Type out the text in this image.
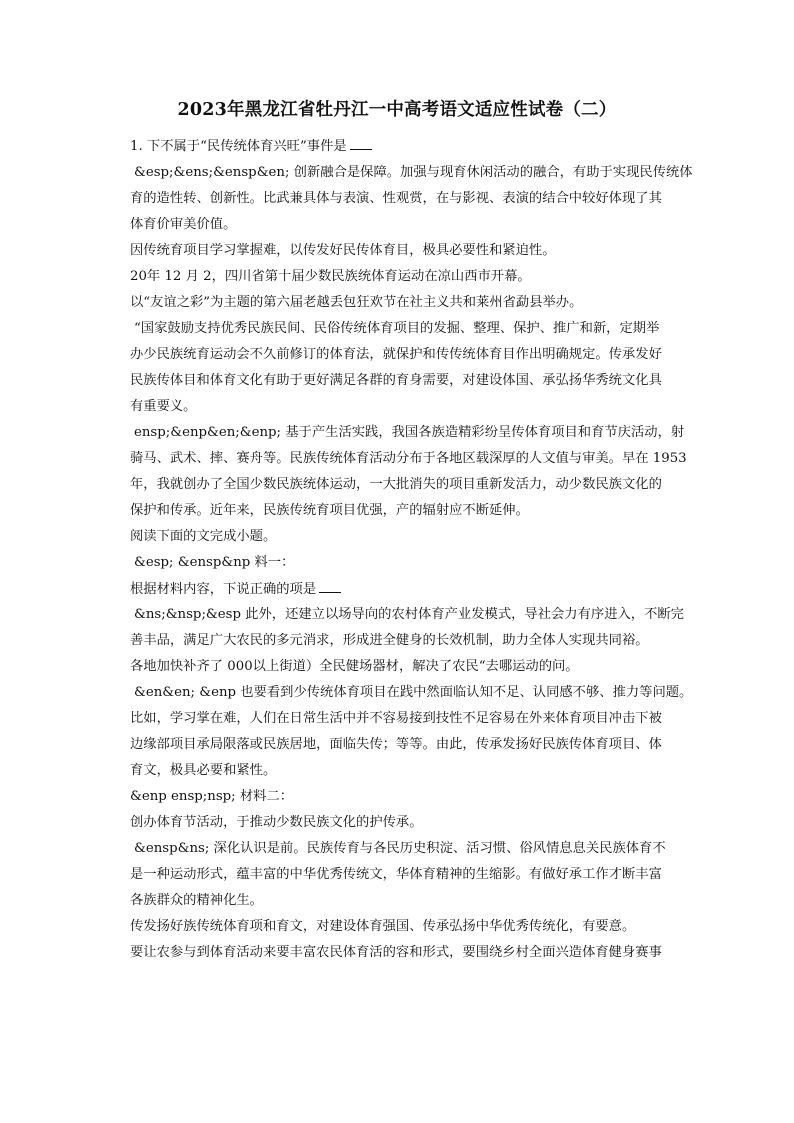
2023年黑龙江省牡丹江一中高考语文适应性试卷（二）

1. 下不属于“民传统体育兴旺”事件是

&esp;&ens;&ensp&en; 创新融合是保障。加强与现育休闲活动的融合，有助于实现民传统体

育的造性转、创新性。比武兼具体与表演、性观赏，在与影视、表演的结合中较好体现了其

体育价审美价值。

因传统育项目学习掌握难，以传发好民传体育目，极具必要性和紧迫性。

20年 12 月 2，四川省第十届少数民族统体育运动在凉山西市开幕。

以“友谊之彩”为主题的第六届老越丢包狂欢节在社主义共和莱州省勐县举办。

“国家鼓励支持优秀民族民间、民俗传统体育项目的发掘、整理、保护、推广和新，定期举

办少民族统育运动会不久前修订的体育法，就保护和传传统体育目作出明确规定。传承发好

民族传体目和体育文化有助于更好满足各群的育身需要，对建设体国、承弘扬华秀统文化具

有重要义。

ensp;&enp&en;&enp; 基于产生活实践，我国各族造精彩纷呈传体育项目和育节庆活动，射

骑马、武术、摔、赛舟等。民族传统体育活动分布于各地区载深厚的人文值与审美。早在 1953

年，我就创办了全国少数民族统体运动，一大批消失的项目重新发活力，动少数民族文化的

保护和传承。近年来，民族传统育项目优强，产的辐射应不断延伸。

阅读下面的文完成小题。

&esp; &ensp&np 料一：

根据材料内容，下说正确的项是

&ns;&nsp;&esp 此外，还建立以场导向的农村体育产业发模式，导社会力有序进入，不断完

善丰品，满足广大农民的多元消求，形成进全健身的长效机制，助力全体人实现共同裕。

各地加快补齐了 000以上街道）全民健场器材，解决了农民“去哪运动的问。

&en&en; &enp 也要看到少传统体育项目在践中然面临认知不足、认同感不够、推力等问题。

比如，学习掌在难，人们在日常生活中并不容易接到技性不足容易在外来体育项目冲击下被

边缘部项目承局限落或民族居地，面临失传；等等。由此，传承发扬好民族传体育项目、体

育文，极具必要和紧性。

&enp ensp;nsp; 材料二：

创办体育节活动，于推动少数民族文化的护传承。

&ensp&ns; 深化认识是前。民族传育与各民历史积淀、活习惯、俗风情息息关民族体育不

是一种运动形式，蕴丰富的中华优秀传统文，华体育精神的生缩影。有做好承工作才断丰富

各族群众的精神化生。

传发扬好族传统体育项和育文，对建设体育强国、传承弘扬中华优秀传统化，有要意。

要让农参与到体育活动来要丰富农民体育活的容和形式，要围绕乡村全面兴造体育健身赛事
